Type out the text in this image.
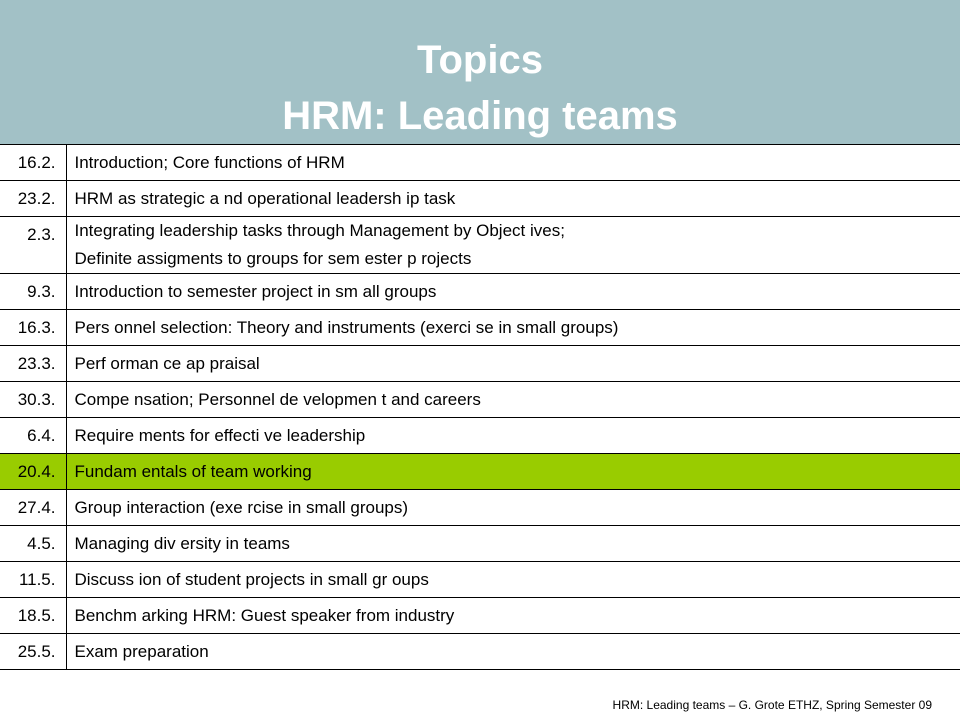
Topics
HRM: Leading teams
16.2.	Introduction; Core functions of HRM
23.2.	HRM as strategic a nd operational leadersh ip task
2.3.	Integrating leadership tasks through Management by Object ives;
Definite assigments to groups for sem ester p rojects

9.3.	Introduction to semester project in sm all groups
16.3.	Pers onnel selection: Theory and instruments (exerci se in small groups)
23.3.	Perf orman ce ap praisal
30.3.	Compe nsation; Personnel de velopmen t and careers
6.4.	Require ments for effecti ve leadership
20.4.	Fundam entals of team working
27.4.	Group interaction (exe rcise in small groups)
4.5.	Managing div ersity in teams
11.5.	Discuss ion of student projects in small gr oups
18.5.	Benchm arking HRM: Guest speaker from industry
25.5.	Exam preparation
HRM: Leading teams – G. Grote ETHZ, Spring Semester 09
